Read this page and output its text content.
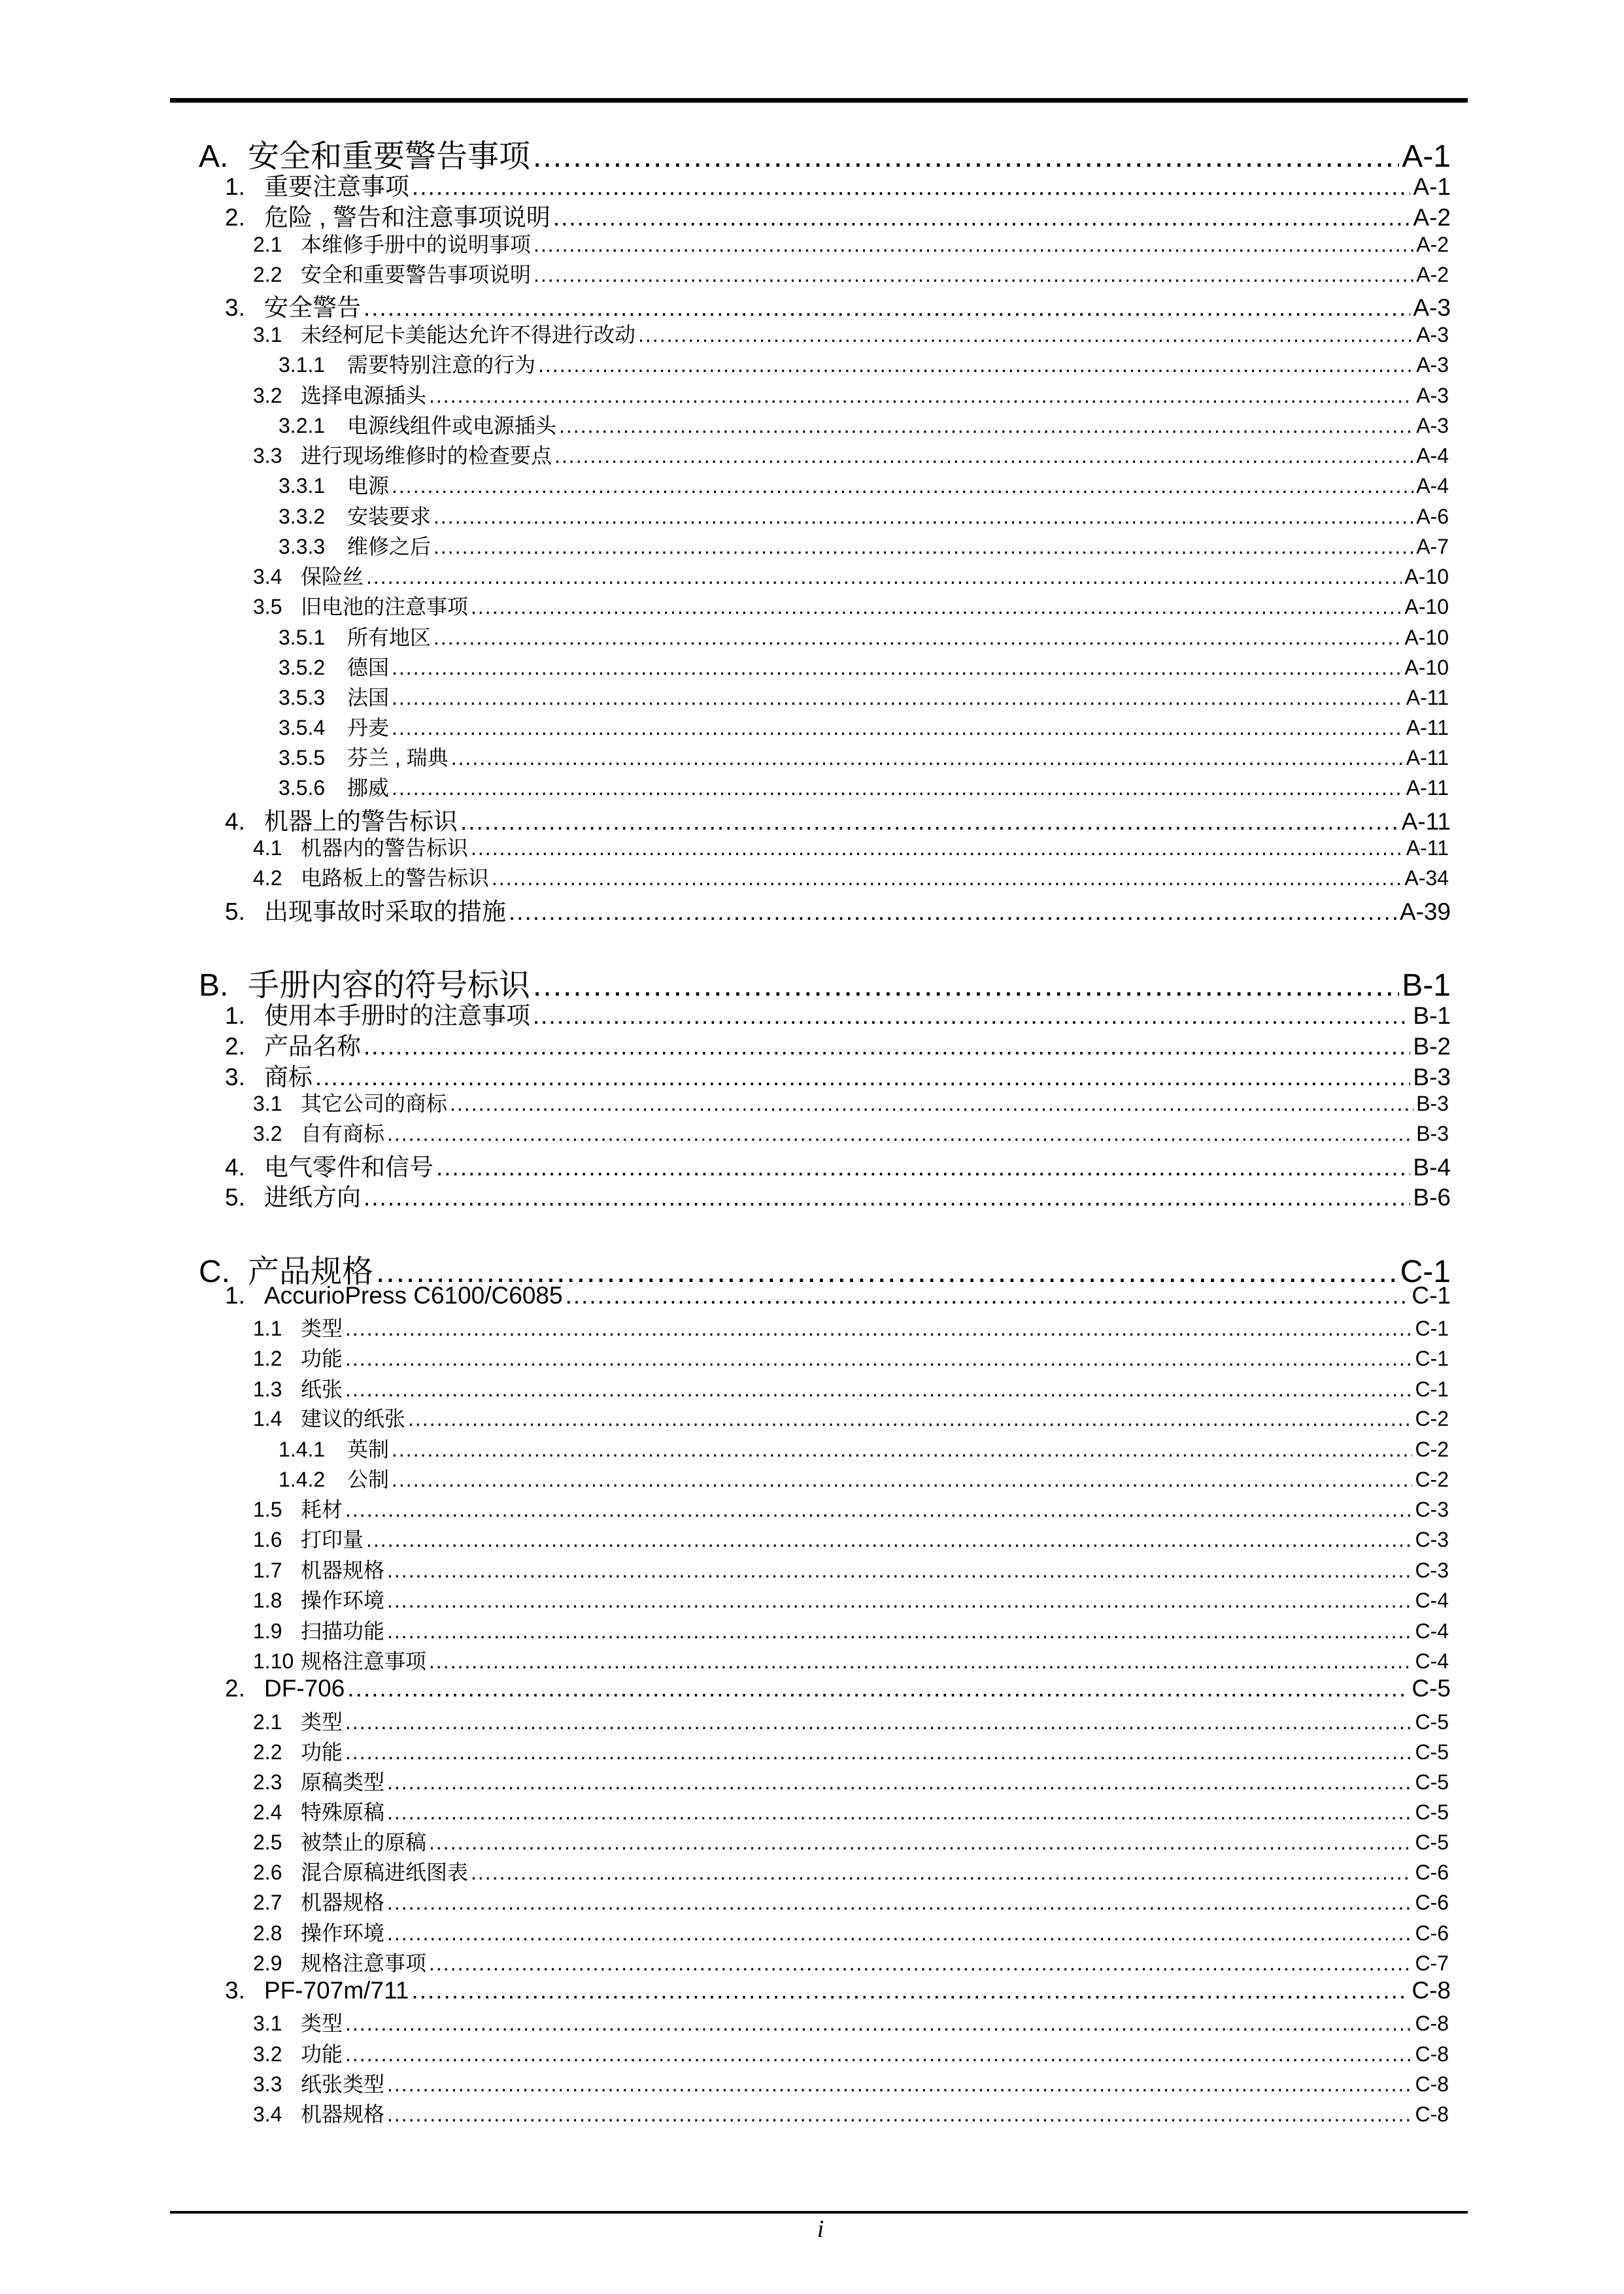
A. 安全和重要警告事项 .....	A-1
1. 重要注意事项 .....	A-1
2. 危险 , 警告和注意事项说明 .....	A-2
2.1 本维修手册中的说明事项 .....	A-2
2.2 安全和重要警告事项说明 .....	A-2
3. 安全警告 .....	A-3
3.1 未经柯尼卡美能达允许不得进行改动 .....	A-3
3.1.1	需要特别注意的行为 .....	A-3
3.2 选择电源插头 .....	A-3
3.2.1	电源线组件或电源插头 .....	A-3
3.3 进行现场维修时的检查要点 .....	A-4
3.3.1	电源 .....	A-4
3.3.2	安装要求 .....	A-6
3.3.3	维修之后 .....	A-7
3.4 保险丝 .....	A-10
3.5 旧电池的注意事项 .....	A-10
3.5.1	所有地区 .....	A-10
3.5.2	德国 .....	A-10
3.5.3	法国 .....	A-11
3.5.4	丹麦 .....	A-11
3.5.5	芬兰 , 瑞典 .....	A-11
3.5.6	挪威 .....	A-11
4. 机器上的警告标识 .....	A-11
4.1 机器内的警告标识 .....	A-11
4.2 电路板上的警告标识 .....	A-34
5. 出现事故时采取的措施 .....	A-39
B. 手册内容的符号标识 .....	B-1
1. 使用本手册时的注意事项 .....	B-1
2. 产品名称 .....	B-2
3. 商标 .....	B-3
3.1 其它公司的商标 .....	B-3
3.2 自有商标 .....	B-3
4. 电气零件和信号 .....	B-4
5. 进纸方向 .....	B-6
C. 产品规格 .....	C-1
1. AccurioPress C6100/C6085 .....	C-1
1.1 类型 .....	C-1
1.2 功能 .....	C-1
1.3 纸张 .....	C-1
1.4 建议的纸张 .....	C-2
1.4.1	英制 .....	C-2
1.4.2	公制 .....	C-2
1.5 耗材 .....	C-3
1.6 打印量 .....	C-3
1.7 机器规格 .....	C-3
1.8 操作环境 .....	C-4
1.9 扫描功能 .....	C-4
1.10 规格注意事项 .....	C-4
2. DF-706 .....	C-5
2.1 类型 .....	C-5
2.2 功能 .....	C-5
2.3 原稿类型 .....	C-5
2.4 特殊原稿 .....	C-5
2.5 被禁止的原稿 .....	C-5
2.6 混合原稿进纸图表 .....	C-6
2.7 机器规格 .....	C-6
2.8 操作环境 .....	C-6
2.9 规格注意事项 .....	C-7
3. PF-707m/711 .....	C-8
3.1 类型 .....	C-8
3.2 功能 .....	C-8
3.3 纸张类型 .....	C-8
3.4 机器规格 .....	C-8
i
